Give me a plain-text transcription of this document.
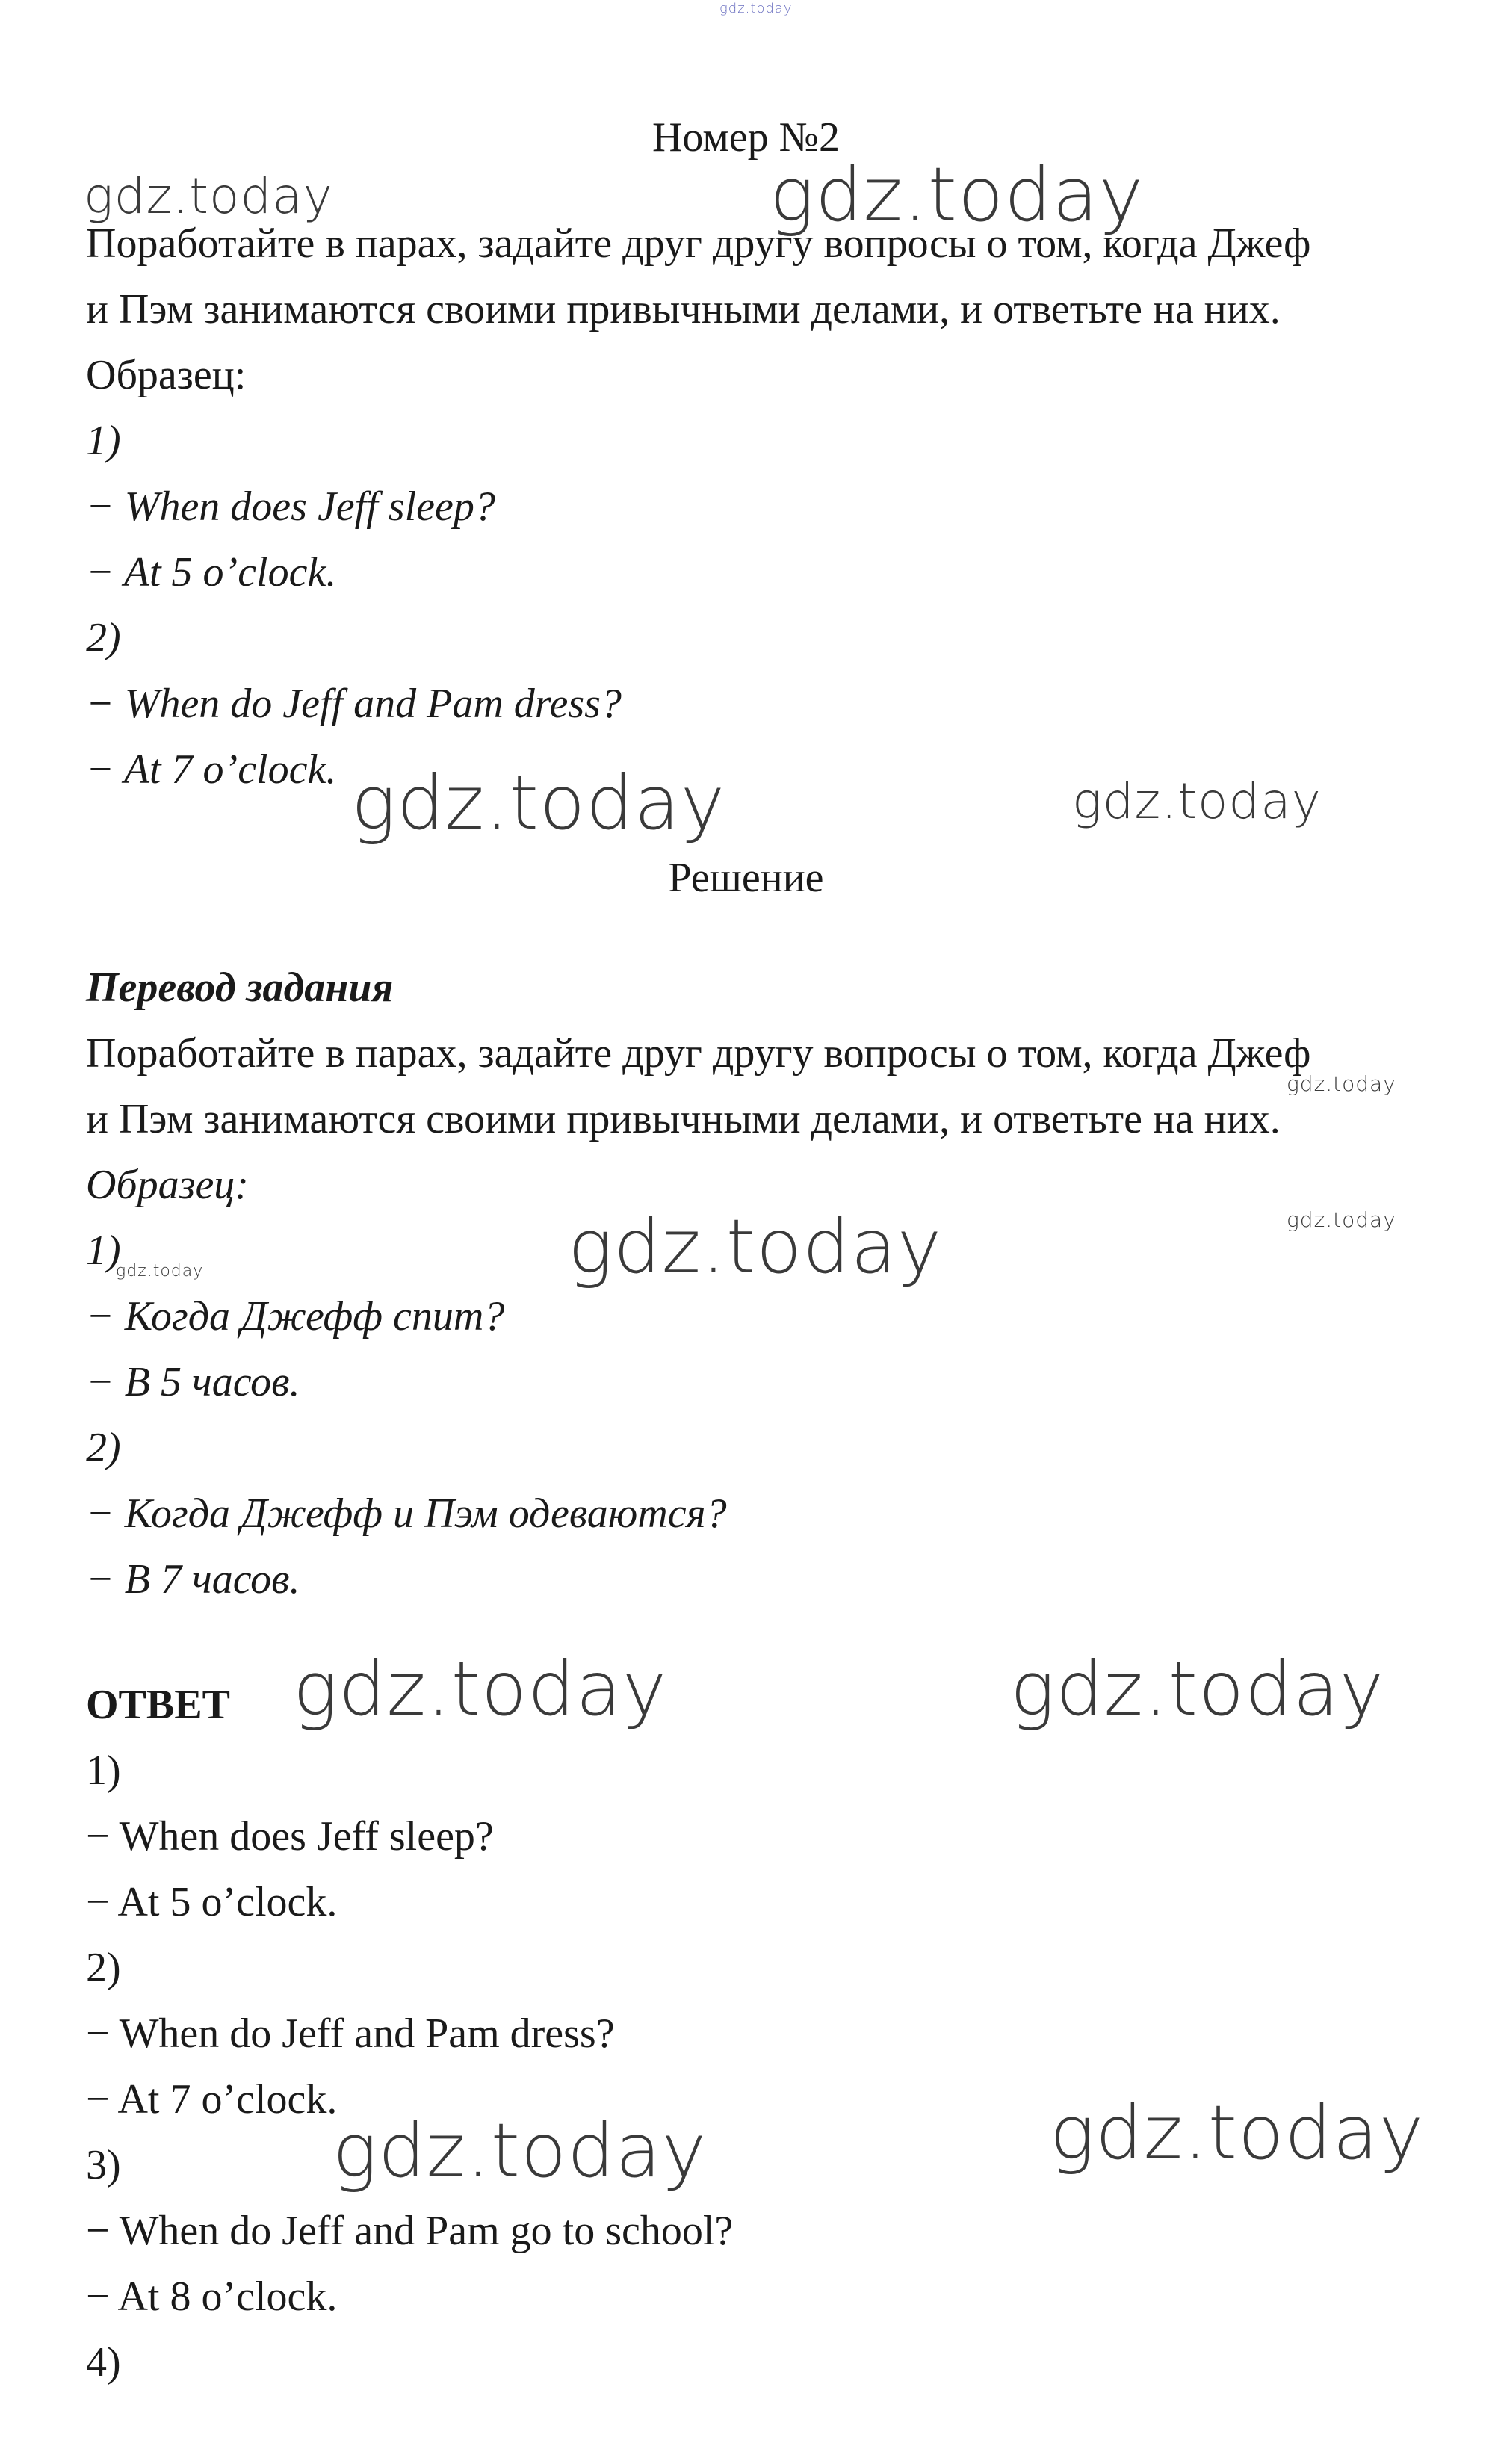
gdz.today
Номер №2
gdz.today	gdz.today
Поработайте в парах, задайте друг другу вопросы о том, когда Джеф
и Пэм занимаются своими привычными делами, и ответьте на них.
Образец:
1)
− When does Jeff sleep?
− At 5 o’clock.
2)
− When do Jeff and Pam dress?
− At 7 o’clock. gdz.today	gdz.today
Решение
Перевод задания
Поработайте в парах, задайте друг другу вопросы о том, когда Джеф
gdz.today
и Пэм занимаются своими привычными делами, и ответьте на них.
Образец:
gdz.today
gdz.today
1)
gdz.today
− Когда Джефф спит?
− В 5 часов.
2)
− Когда Джефф и Пэм одеваются?
− В 7 часов.
ОТВЕТ gdz.today	gdz.today
1)
− When does Jeff sleep?
− At 5 o’clock.
2)
− When do Jeff and Pam dress?
− At 7 o’clock.	gdz.today
gdz.today
3)
− When do Jeff and Pam go to school?
− At 8 o’clock.
4)
